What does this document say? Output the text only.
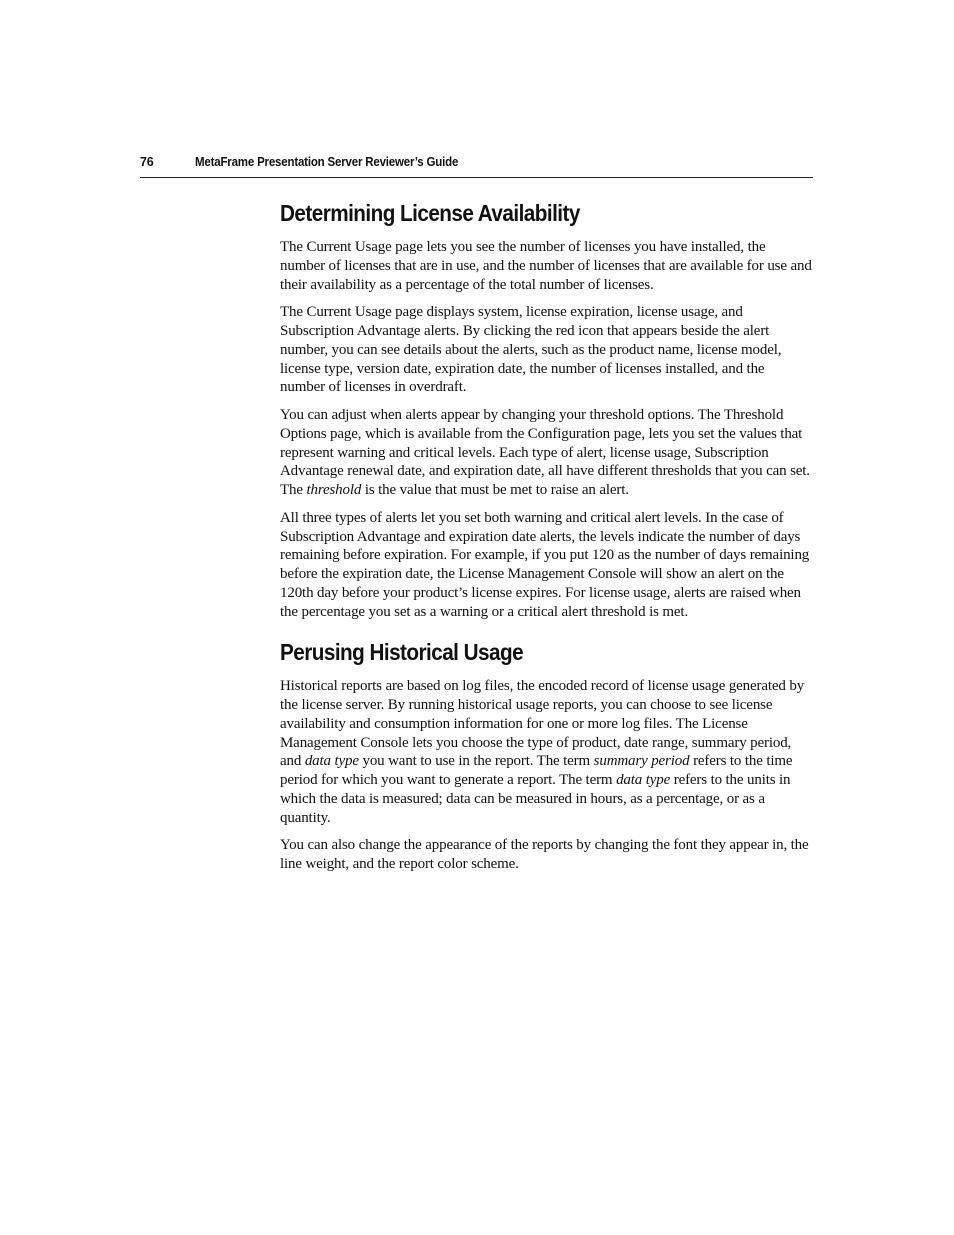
76	MetaFrame Presentation Server Reviewer’s Guide
Determining License Availability

The Current Usage page lets you see the number of licenses you have installed, the number of licenses that are in use, and the number of licenses that are available for use and their availability as a percentage of the total number of licenses.

The Current Usage page displays system, license expiration, license usage, and Subscription Advantage alerts. By clicking the red icon that appears beside the alert number, you can see details about the alerts, such as the product name, license model, license type, version date, expiration date, the number of licenses installed, and the number of licenses in overdraft.

You can adjust when alerts appear by changing your threshold options. The Threshold Options page, which is available from the Configuration page, lets you set the values that represent warning and critical levels. Each type of alert, license usage, Subscription Advantage renewal date, and expiration date, all have different thresholds that you can set. The threshold is the value that must be met to raise an alert.

All three types of alerts let you set both warning and critical alert levels. In the case of Subscription Advantage and expiration date alerts, the levels indicate the number of days remaining before expiration. For example, if you put 120 as the number of days remaining before the expiration date, the License Management Console will show an alert on the 120th day before your product’s license expires. For license usage, alerts are raised when the percentage you set as a warning or a critical alert threshold is met.

Perusing Historical Usage

Historical reports are based on log files, the encoded record of license usage generated by the license server. By running historical usage reports, you can choose to see license availability and consumption information for one or more log files. The License Management Console lets you choose the type of product, date range, summary period, and data type you want to use in the report. The term summary period refers to the time period for which you want to generate a report. The term data type refers to the units in which the data is measured; data can be measured in hours, as a percentage, or as a quantity.

You can also change the appearance of the reports by changing the font they appear in, the line weight, and the report color scheme.
